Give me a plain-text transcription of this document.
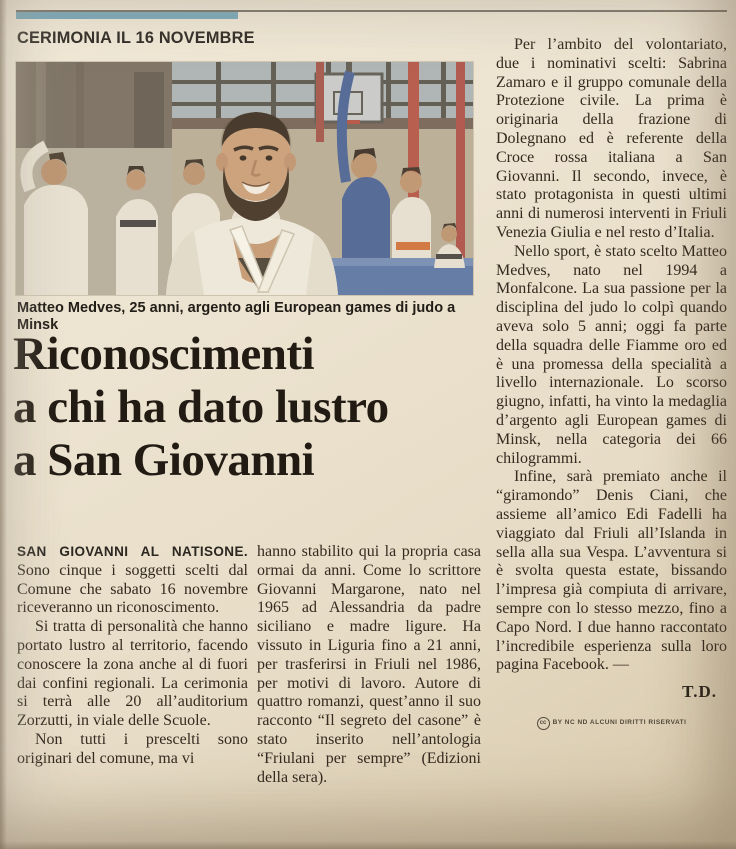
CERIMONIA IL 16 NOVEMBRE
Matteo Medves, 25 anni, argento agli European games di judo a Minsk
Riconoscimenti
a chi ha dato lustro
a San Giovanni

SAN GIOVANNI AL NATISONE. Sono cinque i soggetti scelti dal Comune che sabato 16 novembre riceveranno un riconoscimento.

Si tratta di personalità che hanno portato lustro al territorio, facendo conoscere la zona anche al di fuori dai confini regionali. La cerimonia si terrà alle 20 all’auditorium Zorzutti, in viale delle Scuole.

Non tutti i prescelti sono originari del comune, ma vi

hanno stabilito qui la propria casa ormai da anni. Come lo scrittore Giovanni Margarone, nato nel 1965 ad Alessandria da padre siciliano e madre ligure. Ha vissuto in Liguria fino a 21 anni, per trasferirsi in Friuli nel 1986, per motivi di lavoro. Autore di quattro romanzi, quest’anno il suo racconto “Il segreto del casone” è stato inserito nell’antologia “Friulani per sempre” (Edizioni della sera).

Per l’ambito del volontariato, due i nominativi scelti: Sabrina Zamaro e il gruppo comunale della Protezione civile. La prima è originaria della frazione di Dolegnano ed è referente della Croce rossa italiana a San Giovanni. Il secondo, invece, è stato protagonista in questi ultimi anni di numerosi interventi in Friuli Venezia Giulia e nel resto d’Italia.

Nello sport, è stato scelto Matteo Medves, nato nel 1994 a Monfalcone. La sua passione per la disciplina del judo lo colpì quando aveva solo 5 anni; oggi fa parte della squadra delle Fiamme oro ed è una promessa della specialità a livello internazionale. Lo scorso giugno, infatti, ha vinto la medaglia d’argento agli European games di Minsk, nella categoria dei 66 chilogrammi.

Infine, sarà premiato anche il “giramondo” Denis Ciani, che assieme all’amico Edi Fadelli ha viaggiato dal Friuli all’Islanda in sella alla sua Vespa. L’avventura si è svolta questa estate, bissando l’impresa già compiuta di arrivare, sempre con lo stesso mezzo, fino a Capo Nord. I due hanno raccontato l’incredibile esperienza sulla loro pagina Facebook. —

T.D.
cc BY NC ND ALCUNI DIRITTI RISERVATI
